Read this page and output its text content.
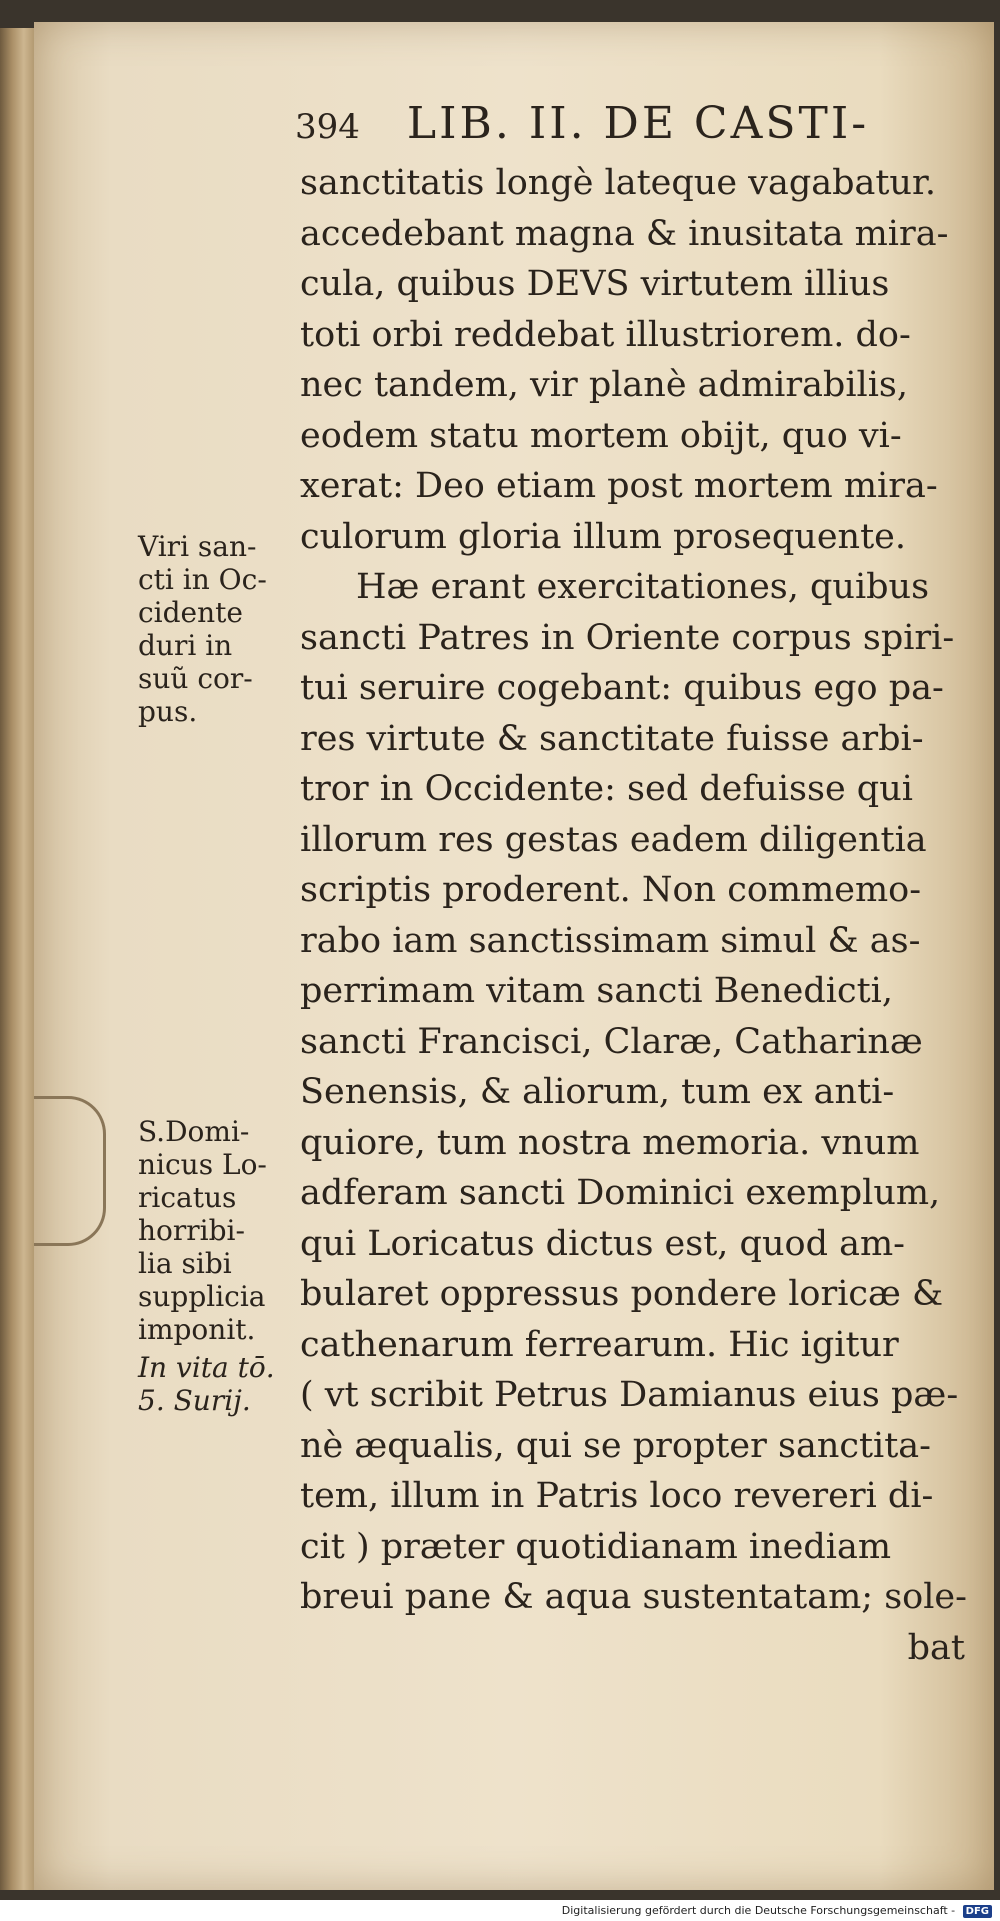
394 LIB. II. DE CASTI-
sanctitatis longè lateque vagabatur.
accedebant magna & inusitata mira-
cula, quibus DEVS virtutem illius
toti orbi reddebat illustriorem. do-
nec tandem, vir planè admirabilis,
eodem statu mortem obijt, quo vi-
xerat: Deo etiam post mortem mira-
culorum gloria illum prosequente.
Hæ erant exercitationes, quibus
sancti Patres in Oriente corpus spiri-
tui seruire cogebant: quibus ego pa-
res virtute & sanctitate fuisse arbi-
tror in Occidente: sed defuisse qui
illorum res gestas eadem diligentia
scriptis proderent. Non commemo-
rabo iam sanctissimam simul & as-
perrimam vitam sancti Benedicti,
sancti Francisci, Claræ, Catharinæ
Senensis, & aliorum, tum ex anti-
quiore, tum nostra memoria. vnum
adferam sancti Dominici exemplum,
qui Loricatus dictus est, quod am-
bularet oppressus pondere loricæ &
cathenarum ferrearum. Hic igitur
( vt scribit Petrus Damianus eius pæ-
nè æqualis, qui se propter sanctita-
tem, illum in Patris loco revereri di-
cit ) præter quotidianam inediam
breui pane & aqua sustentatam; sole-
bat
Viri san-
cti in Oc-
cidente
duri in
suũ cor-
pus.
S.Domi-
nicus Lo-
ricatus
horribi-
lia sibi
supplicia
imponit.
In vita tō.
5. Surij.
Digitalisierung gefördert durch die Deutsche Forschungsgemeinschaft - DFG
